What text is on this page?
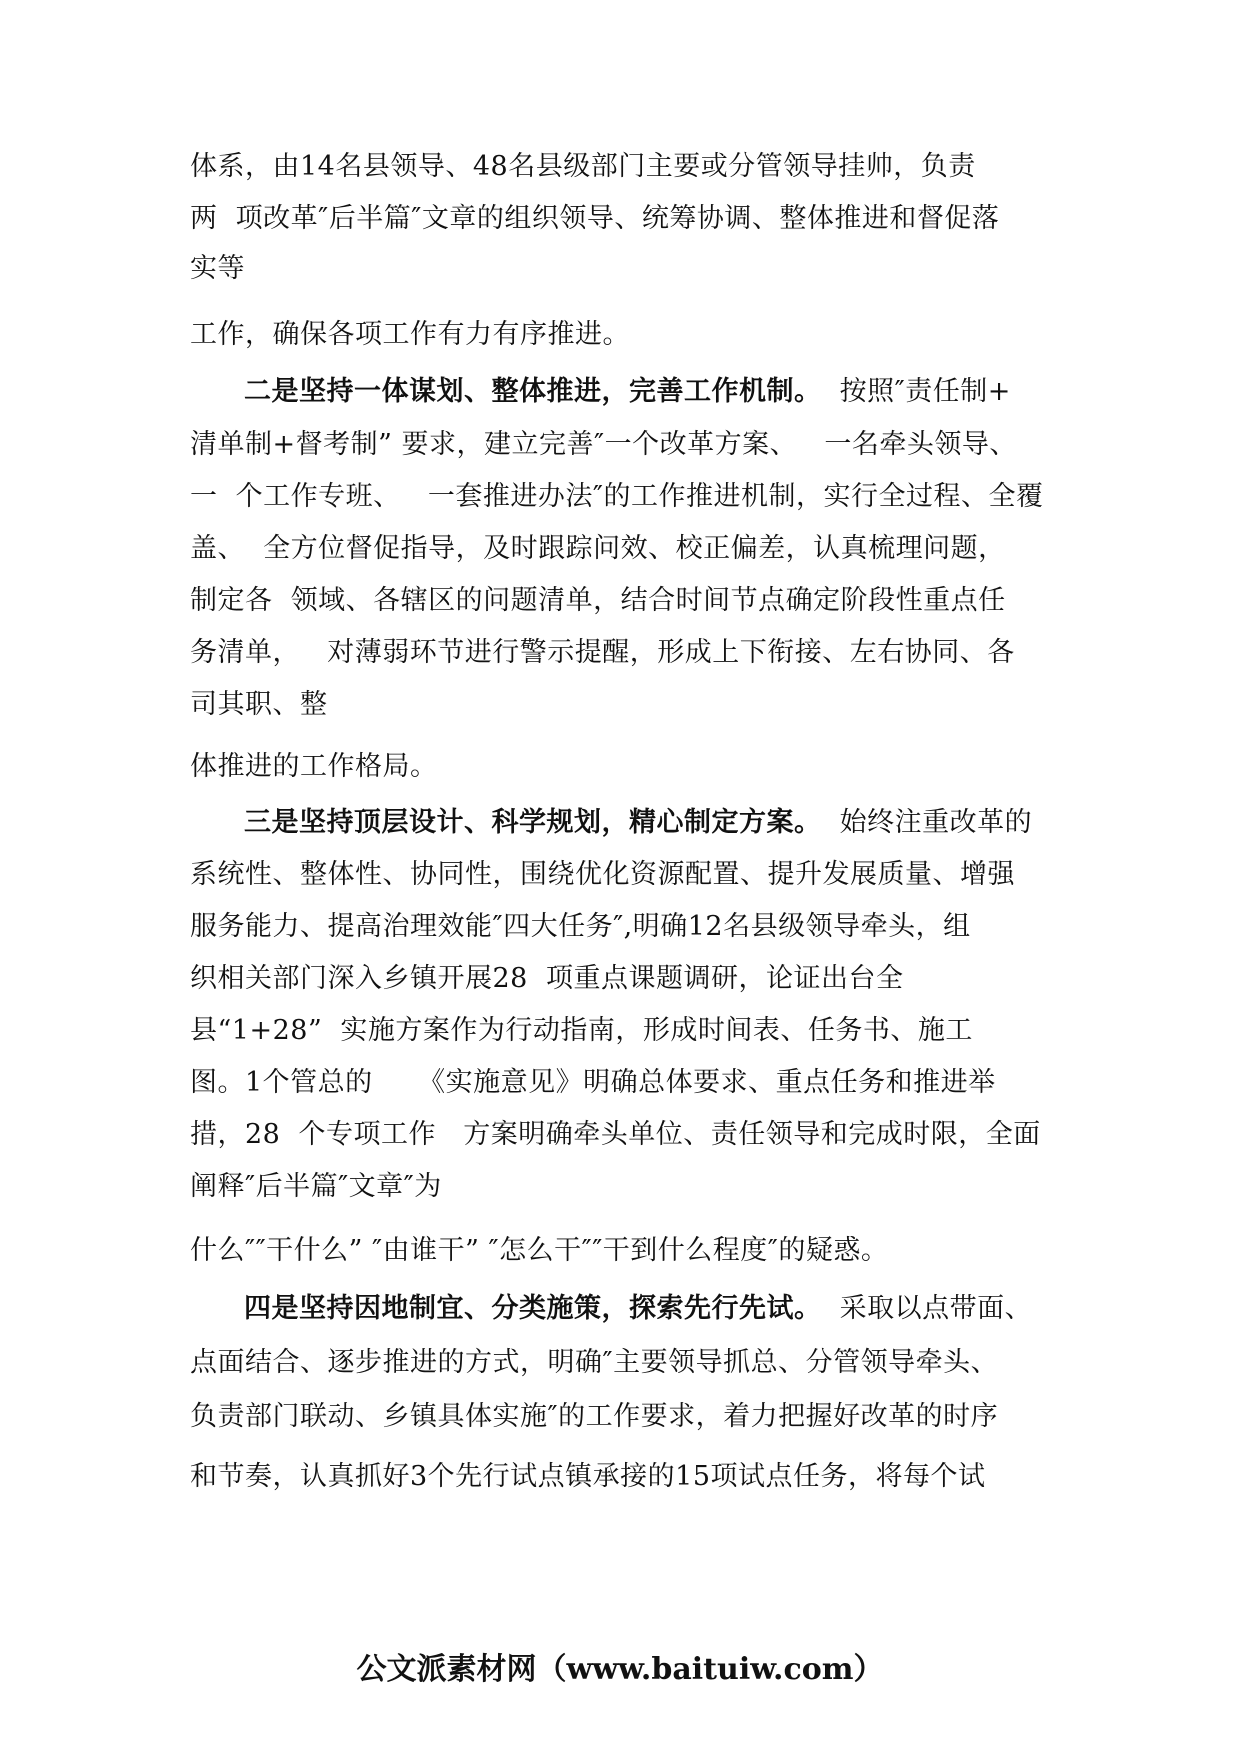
体系，由14名县领导、48名县级部门主要或分管领导挂帅，负责
两  项改革″后半篇″文章的组织领导、统筹协调、整体推进和督促落
实等
工作，确保各项工作有力有序推进。
二是坚持一体谋划、整体推进，完善工作机制。  按照″责任制+
清单制+督考制” 要求，建立完善″一个改革方案、   一名牵头领导、
一  个工作专班、   一套推进办法″的工作推进机制，实行全过程、全覆
盖、  全方位督促指导，及时跟踪问效、校正偏差，认真梳理问题，
制定各  领域、各辖区的问题清单，结合时间节点确定阶段性重点任
务清单，   对薄弱环节进行警示提醒，形成上下衔接、左右协同、各
司其职、整
体推进的工作格局。
三是坚持顶层设计、科学规划，精心制定方案。  始终注重改革的
系统性、整体性、协同性，围绕优化资源配置、提升发展质量、增强
服务能力、提高治理效能″四大任务″,明确12名县级领导牵头，组
织相关部门深入乡镇开展28  项重点课题调研，论证出台全
县“1+28”  实施方案作为行动指南，形成时间表、任务书、施工
图。1个管总的     《实施意见》明确总体要求、重点任务和推进举
措，28  个专项工作   方案明确牵头单位、责任领导和完成时限，全面
阐释″后半篇″文章″为
什么″″干什么” ″由谁干” ″怎么干″″干到什么程度″的疑惑。
四是坚持因地制宜、分类施策，探索先行先试。  采取以点带面、
点面结合、逐步推进的方式，明确″主要领导抓总、分管领导牵头、
负责部门联动、乡镇具体实施″的工作要求，着力把握好改革的时序
和节奏，认真抓好3个先行试点镇承接的15项试点任务，将每个试
公文派素材网（www.baituiw.com）
